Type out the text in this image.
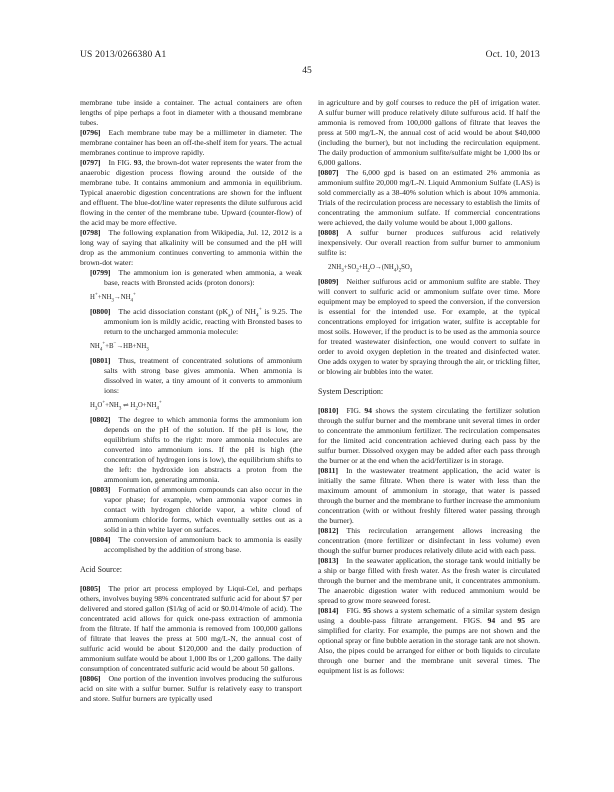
US 2013/0266380 A1	Oct. 10, 2013
45
membrane tube inside a container. The actual containers are often lengths of pipe perhaps a foot in diameter with a thousand membrane tubes.
[0796] Each membrane tube may be a millimeter in diameter. The membrane container has been an off-the-shelf item for years. The actual membranes continue to improve rapidly.
[0797] In FIG. 93, the brown-dot water represents the water from the anaerobic digestion process flowing around the outside of the membrane tube. It contains ammonium and ammonia in equilibrium. Typical anaerobic digestion concentrations are shown for the influent and effluent. The blue-dot/line water represents the dilute sulfurous acid flowing in the center of the membrane tube. Upward (counter-flow) of the acid may be more effective.
[0798] The following explanation from Wikipedia, Jul. 12, 2012 is a long way of saying that alkalinity will be consumed and the pH will drop as the ammonium continues converting to ammonia within the brown-dot water:
[0799] The ammonium ion is generated when ammonia, a weak base, reacts with Bronsted acids (proton donors):
$H^++NH_3\to NH_4^+$
[0800] The acid dissociation constant $(pK_a)$ of $NH_4^+$ is 9.25. The ammonium ion is mildly acidic, reacting with Bronsted bases to return to the uncharged ammonia molecule:
$NH_4^++B^-\to HB+NH_3$
[0801] Thus, treatment of concentrated solutions of ammonium salts with strong base gives ammonia. When ammonia is dissolved in water, a tiny amount of it converts to ammonium ions:
$H_3O^++NH_3$ ⇌ $H_2O+NH_4^+$
[0802] The degree to which ammonia forms the ammonium ion depends on the pH of the solution. If the pH is low, the equilibrium shifts to the right: more ammonia molecules are converted into ammonium ions. If the pH is high (the concentration of hydrogen ions is low), the equilibrium shifts to the left: the hydroxide ion abstracts a proton from the ammonium ion, generating ammonia.
[0803] Formation of ammonium compounds can also occur in the vapor phase; for example, when ammonia vapor comes in contact with hydrogen chloride vapor, a white cloud of ammonium chloride forms, which eventually settles out as a solid in a thin white layer on surfaces.
[0804] The conversion of ammonium back to ammonia is easily accomplished by the addition of strong base.
Acid Source:
[0805] The prior art process employed by Liqui-Cel, and perhaps others, involves buying 98% concentrated sulfuric acid for about $7 per delivered and stored gallon ($1/kg of acid or $0.014/mole of acid). The concentrated acid allows for quick one-pass extraction of ammonia from the filtrate. If half the ammonia is removed from 100,000 gallons of filtrate that leaves the press at 500 mg/L-N, the annual cost of sulfuric acid would be about $120,000 and the daily production of ammonium sulfate would be about 1,000 lbs or 1,200 gallons. The daily consumption of concentrated sulfuric acid would be about 50 gallons.
[0806] One portion of the invention involves producing the sulfurous acid on site with a sulfur burner. Sulfur is relatively easy to transport and store. Sulfur burners are typically used
in agriculture and by golf courses to reduce the pH of irrigation water. A sulfur burner will produce relatively dilute sulfurous acid. If half the ammonia is removed from 100,000 gallons of filtrate that leaves the press at 500 mg/L-N, the annual cost of acid would be about $40,000 (including the burner), but not including the recirculation equipment. The daily production of ammonium sulfite/sulfate might be 1,000 lbs or 6,000 gallons.
[0807] The 6,000 gpd is based on an estimated 2% ammonia as ammonium sulfite 20,000 mg/L-N. Liquid Ammonium Sulfate (LAS) is sold commercially as a 38-40% solution which is about 10% ammonia. Trials of the recirculation process are necessary to establish the limits of concentrating the ammonium sulfate. If commercial concentrations were achieved, the daily volume would be about 1,000 gallons.
[0808] A sulfur burner produces sulfurous acid relatively inexpensively. Our overall reaction from sulfur burner to ammonium sulfite is:
$2NH_3+SO_2+H_2O\to(NH_4)_2SO_3$
[0809] Neither sulfurous acid or ammonium sulfite are stable. They will convert to sulfuric acid or ammonium sulfate over time. More equipment may be employed to speed the conversion, if the conversion is essential for the intended use. For example, at the typical concentrations employed for irrigation water, sulfite is acceptable for most soils. However, if the product is to be used as the ammonia source for treated wastewater disinfection, one would convert to sulfate in order to avoid oxygen depletion in the treated and disinfected water. One adds oxygen to water by spraying through the air, or trickling filter, or blowing air bubbles into the water.
System Description:
[0810] FIG. 94 shows the system circulating the fertilizer solution through the sulfur burner and the membrane unit several times in order to concentrate the ammonium fertilizer. The recirculation compensates for the limited acid concentration achieved during each pass by the sulfur burner. Dissolved oxygen may be added after each pass through the burner or at the end when the acid/fertilizer is in storage.
[0811] In the wastewater treatment application, the acid water is initially the same filtrate. When there is water with less than the maximum amount of ammonium in storage, that water is passed through the burner and the membrane to further increase the ammonium concentration (with or without freshly filtered water passing through the burner).
[0812] This recirculation arrangement allows increasing the concentration (more fertilizer or disinfectant in less volume) even though the sulfur burner produces relatively dilute acid with each pass.
[0813] In the seawater application, the storage tank would initially be a ship or barge filled with fresh water. As the fresh water is circulated through the burner and the membrane unit, it concentrates ammonium. The anaerobic digestion water with reduced ammonium would be spread to grow more seaweed forest.
[0814] FIG. 95 shows a system schematic of a similar system design using a double-pass filtrate arrangement. FIGS. 94 and 95 are simplified for clarity. For example, the pumps are not shown and the optional spray or fine bubble aeration in the storage tank are not shown. Also, the pipes could be arranged for either or both liquids to circulate through one burner and the membrane unit several times. The equipment list is as follows:
